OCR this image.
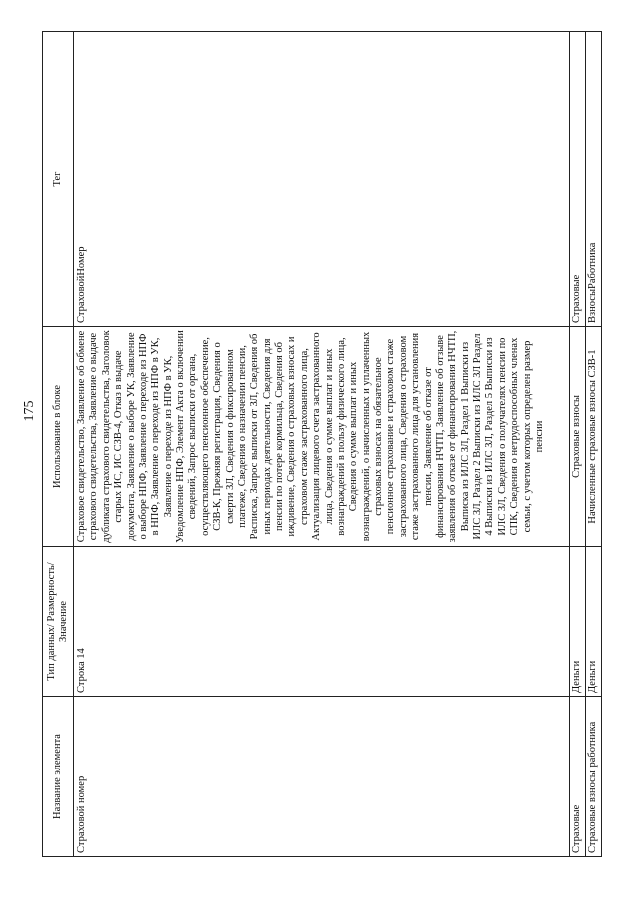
175
Название элемента	Тип данных/ Размерность/ Значение	Использование в блоке	Тег
Страховой номер	Строка 14	Страховое свидетельство, Заявление об обмене страхового свидетельства, Заявление о выдаче дубликата страхового свидетельства, Заголовок старых ИС, ИС СЗВ-4, Отказ в выдаче документа, Заявление о выборе УК, Заявление о выборе НПФ, Заявление о переходе из НПФ в НПФ, Заявление о переходе из НПФ в УК, Заявление о переходе из НПФ в УК, Уведомление НПФ, Элемент Акта о включении сведений, Запрос выписки от органа, осуществляющего пенсионное обеспечение, СЗВ-К, Прежняя регистрация, Сведения о смерти ЗЛ, Сведения о фиксированном платеже, Сведения о назначении пенсии, Расписка, Запрос выписки от ЗЛ, Сведения об иных периодах деятельности, Сведения для пенсии по потере кормильца, Сведения об иждивение, Сведения о страховых взносах и страховом стаже застрахованного лица, Актуализация лицевого счета застрахованного лица, Сведения о сумме выплат и иных вознаграждений в пользу физического лица, Сведения о сумме выплат и иных вознаграждений, о начисленных и уплаченных страховых взносах на обязательное пенсионное страхование и страховом стаже застрахованного лица, Сведения о страховом стаже застрахованного лица для установления пенсии, Заявление об отказе от финансирования НЧТП, Заявление об отзыве заявления об отказе от финансирования НЧТП, Выписка из ИЛС ЗЛ, Раздел 1 Выписки из ИЛС ЗЛ, Раздел 2 Выписки из ИЛС ЗЛ Раздел 4 Выписки из ИЛС ЗЛ, Раздел 5 Выписки из ИЛС ЗЛ, Сведения о получателях пенсии по СПК, Сведения о нетрудоспособных членах семьи, с учетом которых определен размер пенсии	СтраховойНомер
Страховые	Деньги	Страховые взносы	Страховые
Страховые взносы работника	Деньги	Начисленные страховые взносы СЗВ-1	ВзносыРаботника
